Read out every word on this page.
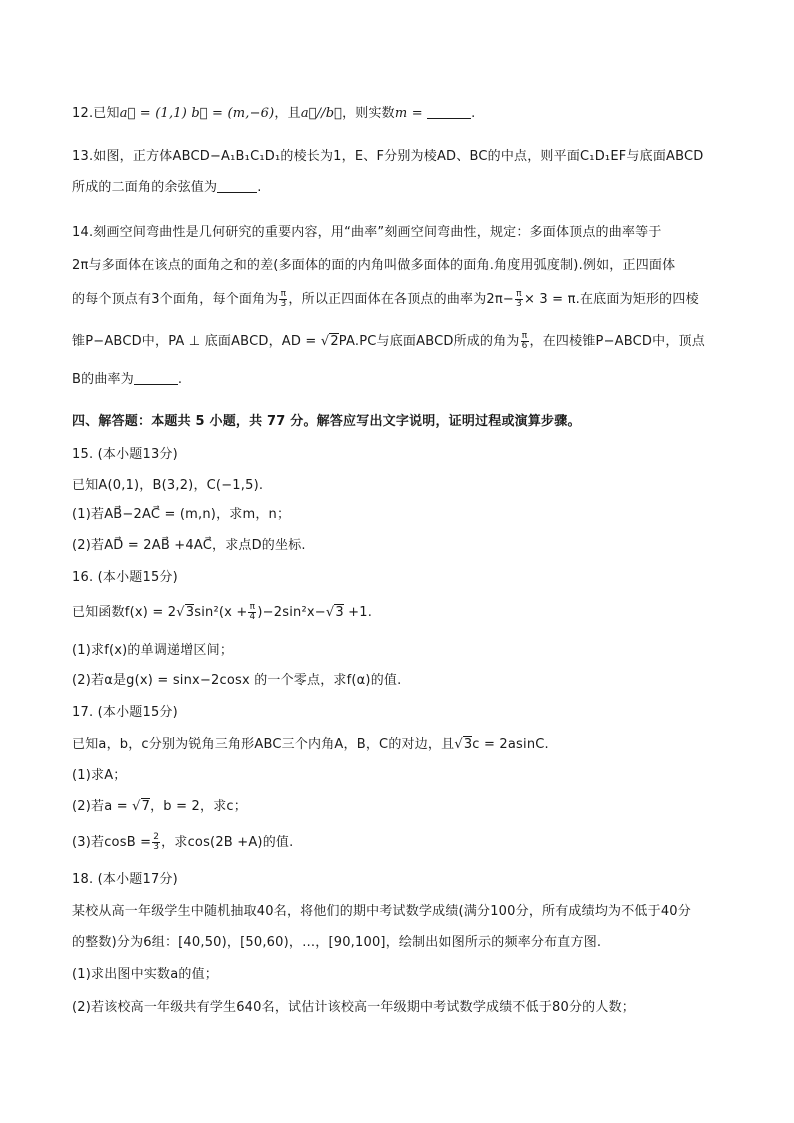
12.已知a⃗ = (1,1) b⃗ = (m,−6)，且a⃗//b⃗，则实数m =	.
13.如图，正方体ABCD−A₁B₁C₁D₁的棱长为1，E、F分别为棱AD、BC的中点，则平面C₁D₁EF与底面ABCD
所成的二面角的余弦值为	.
14.刻画空间弯曲性是几何研究的重要内容，用“曲率”刻画空间弯曲性，规定：多面体顶点的曲率等于
2π与多面体在该点的面角之和的差(多面体的面的内角叫做多面体的面角.角度用弧度制).例如，正四面体
的每个顶点有3个面角，每个面角为 $\frac{\pi}{3}$ ，所以正四面体在各顶点的曲率为$2\pi- \frac{\pi}{3} \times 3 = \pi$.在底面为矩形的四棱
锥P−ABCD中，PA ⊥ 底面ABCD，AD = √2PA.PC与底面ABCD所成的角为 $\frac{\pi}{6}$ ，在四棱锥P−ABCD中，顶点
B的曲率为	.
四、解答题：本题共 5 小题，共 77 分。解答应写出文字说明，证明过程或演算步骤。
15. (本小题13分)
已知A(0,1)，B(3,2)，C(−1,5).
(1)若AB⃗−2AC⃗ = (m,n)，求m，n；
(2)若AD⃗ = 2AB⃗ +4AC⃗，求点D的坐标.
16. (本小题15分)
已知函数$f(x) = 2√3\sin^2(x + \frac{\pi}{4} )-2\sin^2x-√3 +1$.
(1)求f(x)的单调递增区间；
(2)若α是g(x) = sinx−2cosx 的一个零点，求f(α)的值.
17. (本小题15分)
已知a，b，c分别为锐角三角形ABC三个内角A，B，C的对边，且√3c = 2asinC.
(1)求A；
(2)若a = √7，b = 2，求c；
(3)若$\cos B = \frac{2}{3}$ ，求cos(2B +A)的值.
18. (本小题17分)
某校从高一年级学生中随机抽取40名，将他们的期中考试数学成绩(满分100分，所有成绩均为不低于40分
的整数)分为6组：[40,50)，[50,60)，…，[90,100]，绘制出如图所示的频率分布直方图.
(1)求出图中实数a的值；
(2)若该校高一年级共有学生640名，试估计该校高一年级期中考试数学成绩不低于80分的人数；
